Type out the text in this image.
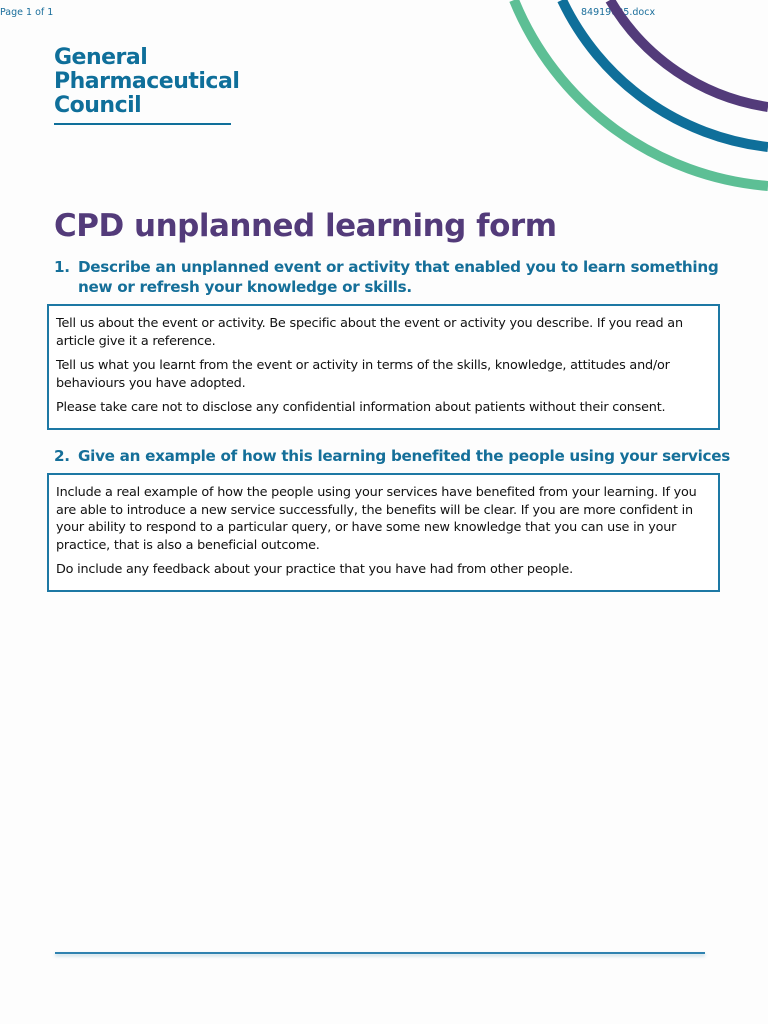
Page 1 of 1	84919035.docx
General
Pharmaceutical
Council
CPD unplanned learning form
1. Describe an unplanned event or activity that enabled you to learn something new or refresh your knowledge or skills.

Tell us about the event or activity. Be specific about the event or activity you describe. If you read an article give it a reference.

Tell us what you learnt from the event or activity in terms of the skills, knowledge, attitudes and/or behaviours you have adopted.

Please take care not to disclose any confidential information about patients without their consent.

2. Give an example of how this learning benefited the people using your services

Include a real example of how the people using your services have benefited from your learning. If you are able to introduce a new service successfully, the benefits will be clear. If you are more confident in your ability to respond to a particular query, or have some new knowledge that you can use in your practice, that is also a beneficial outcome.

Do include any feedback about your practice that you have had from other people.
